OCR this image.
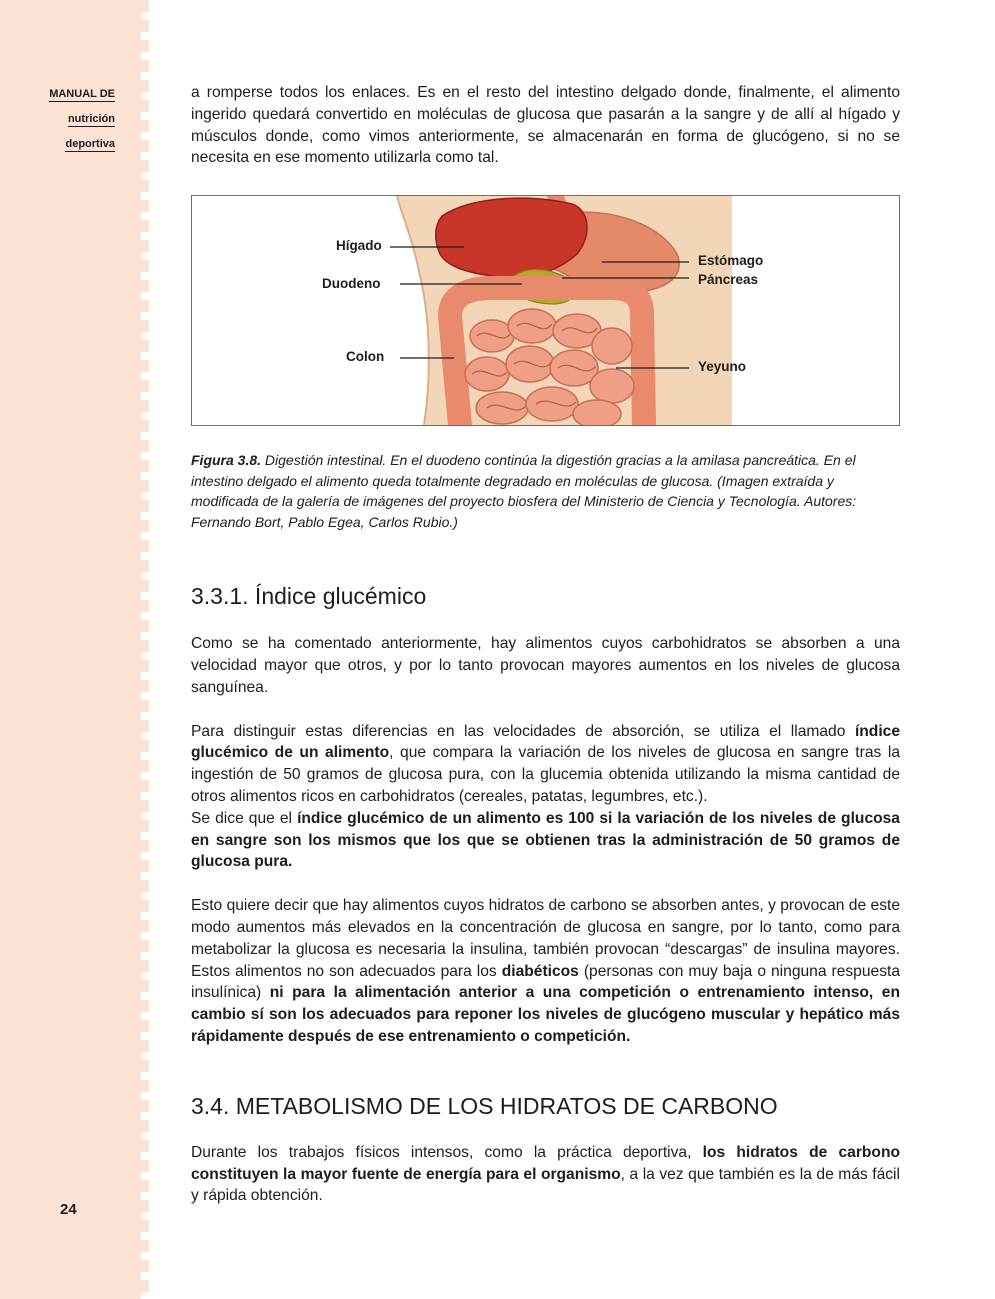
MANUAL DE
nutrición
deportiva
24

a romperse todos los enlaces. Es en el resto del intestino delgado donde, finalmente, el alimento ingerido quedará convertido en moléculas de glucosa que pasarán a la sangre y de allí al hígado y músculos donde, como vimos anteriormente, se almacenarán en forma de glucógeno, si no se necesita en ese momento utilizarla como tal.

Hígado
Duodeno
Colon
Estómago
Páncreas
Yeyuno

Figura 3.8. Digestión intestinal. En el duodeno continúa la digestión gracias a la amilasa pancreática. En el intestino delgado el alimento queda totalmente degradado en moléculas de glucosa. (Imagen extraída y modificada de la galería de imágenes del proyecto biosfera del Ministerio de Ciencia y Tecnología. Autores: Fernando Bort, Pablo Egea, Carlos Rubio.)

3.3.1. Índice glucémico

Como se ha comentado anteriormente, hay alimentos cuyos carbohidratos se absorben a una velocidad mayor que otros, y por lo tanto provocan mayores aumentos en los niveles de glucosa sanguínea.

Para distinguir estas diferencias en las velocidades de absorción, se utiliza el llamado índice glucémico de un alimento, que compara la variación de los niveles de glucosa en sangre tras la ingestión de 50 gramos de glucosa pura, con la glucemia obtenida utilizando la misma cantidad de otros alimentos ricos en carbohidratos (cereales, patatas, legumbres, etc.).

Se dice que el índice glucémico de un alimento es 100 si la variación de los niveles de glucosa en sangre son los mismos que los que se obtienen tras la administración de 50 gramos de glucosa pura.

Esto quiere decir que hay alimentos cuyos hidratos de carbono se absorben antes, y provocan de este modo aumentos más elevados en la concentración de glucosa en sangre, por lo tanto, como para metabolizar la glucosa es necesaria la insulina, también provocan “descargas” de insulina mayores. Estos alimentos no son adecuados para los diabéticos (personas con muy baja o ninguna respuesta insulínica) ni para la alimentación anterior a una competición o entrenamiento intenso, en cambio sí son los adecuados para reponer los niveles de glucógeno muscular y hepático más rápidamente después de ese entrenamiento o competición.

3.4. METABOLISMO DE LOS HIDRATOS DE CARBONO

Durante los trabajos físicos intensos, como la práctica deportiva, los hidratos de carbono constituyen la mayor fuente de energía para el organismo, a la vez que también es la de más fácil y rápida obtención.
